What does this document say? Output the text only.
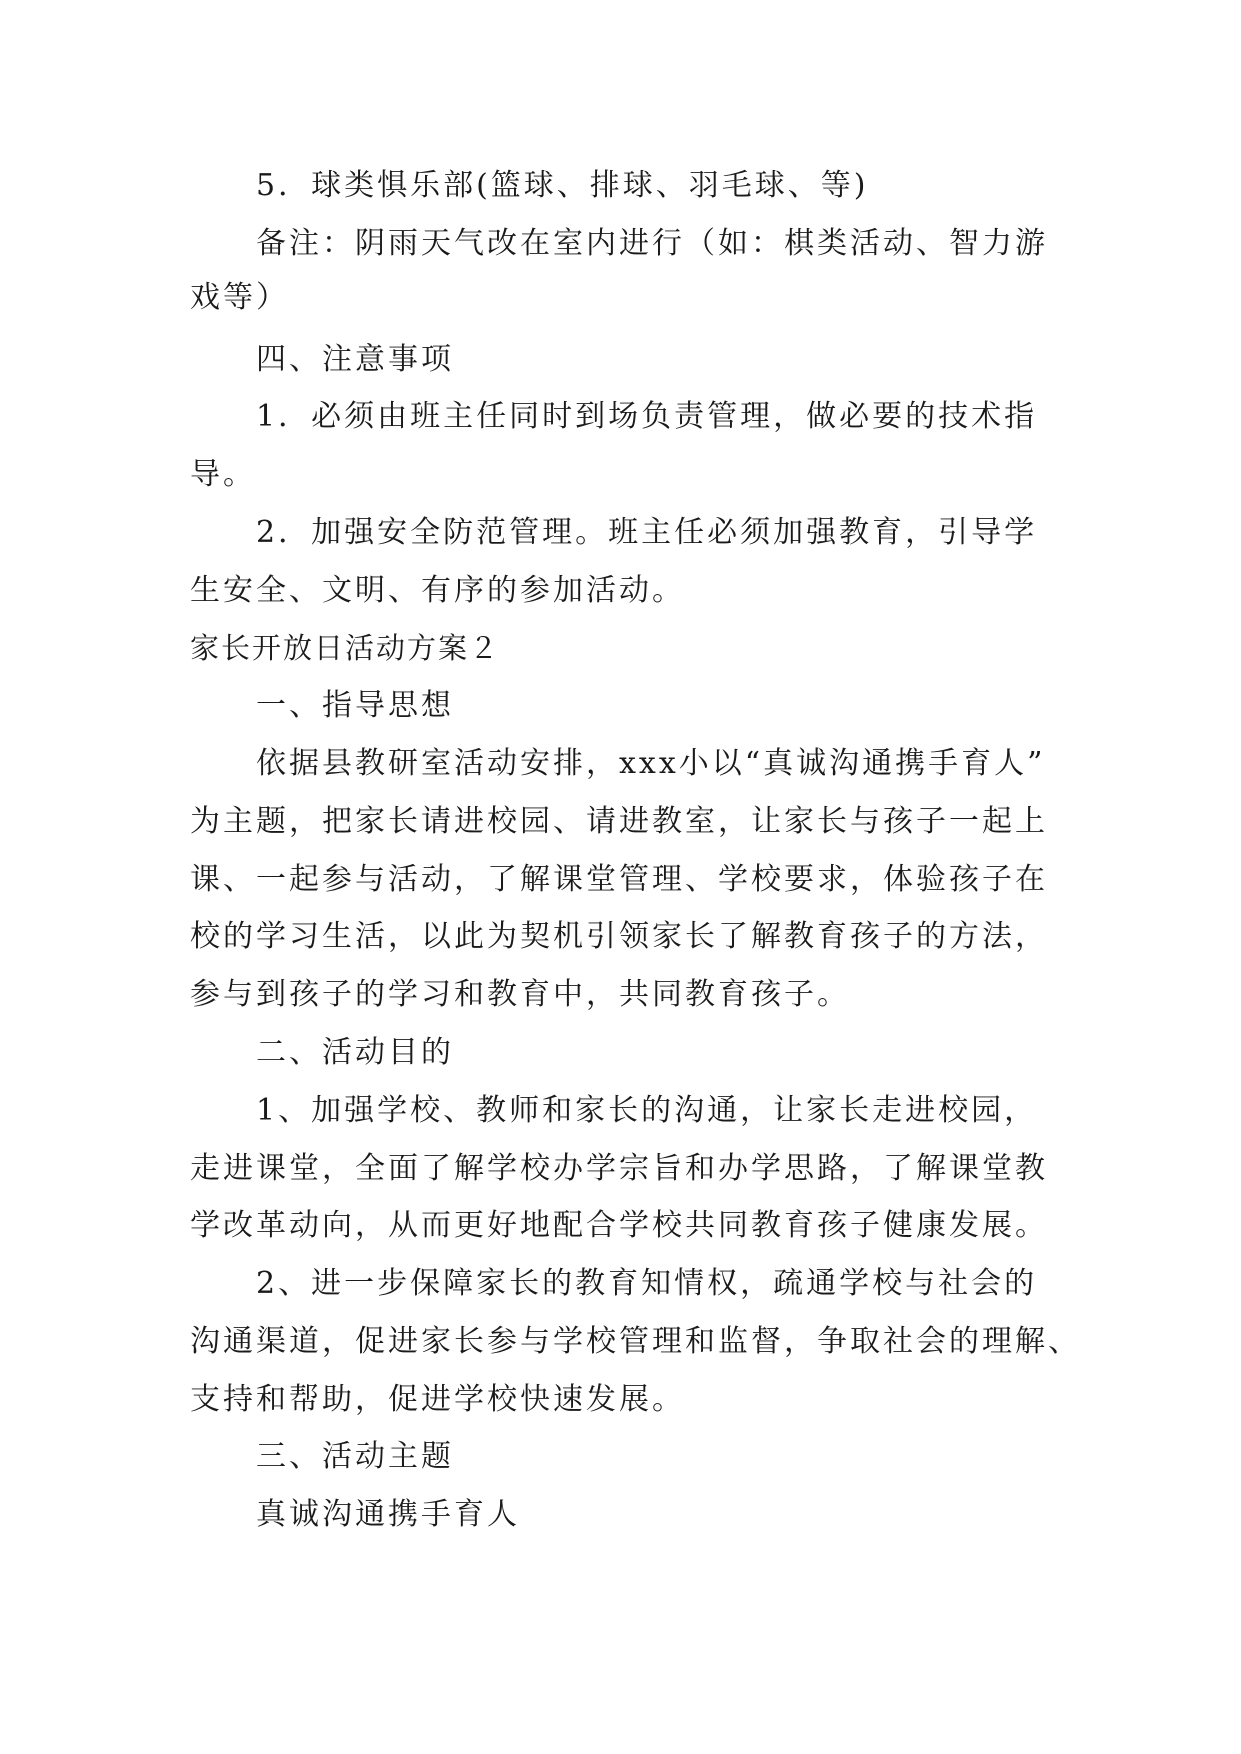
5．球类惧乐部(篮球、排球、羽毛球、等)
备注：阴雨天气改在室内进行（如：棋类活动、智力游
戏等）
四、注意事项
1．必须由班主任同时到场负责管理，做必要的技术指
导。
2．加强安全防范管理。班主任必须加强教育，引导学
生安全、文明、有序的参加活动。
家长开放日活动方案２
一、指导思想
依据县教研室活动安排，xxx小以“真诚沟通携手育人”
为主题，把家长请进校园、请进教室，让家长与孩子一起上
课、一起参与活动，了解课堂管理、学校要求，体验孩子在
校的学习生活，以此为契机引领家长了解教育孩子的方法，
参与到孩子的学习和教育中，共同教育孩子。
二、活动目的
1、加强学校、教师和家长的沟通，让家长走进校园，
走进课堂，全面了解学校办学宗旨和办学思路，了解课堂教
学改革动向，从而更好地配合学校共同教育孩子健康发展。
2、进一步保障家长的教育知情权，疏通学校与社会的
沟通渠道，促进家长参与学校管理和监督，争取社会的理解、
支持和帮助，促进学校快速发展。
三、活动主题
真诚沟通携手育人
